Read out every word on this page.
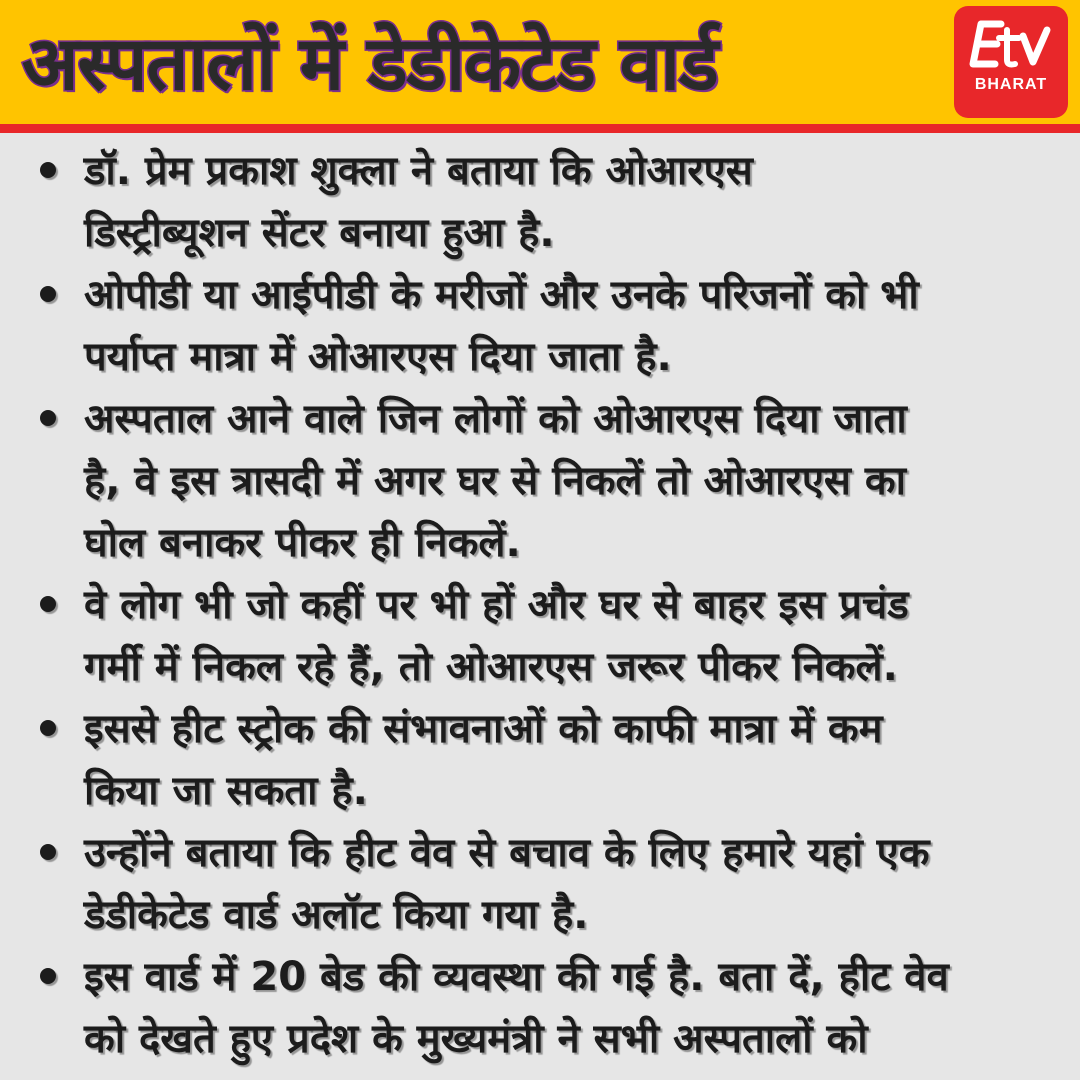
अस्पतालों में डेडीकेटेड वार्ड	BHARAT
डॉ. प्रेम प्रकाश शुक्ला ने बताया कि ओआरएस
डिस्ट्रीब्यूशन सेंटर बनाया हुआ है.
ओपीडी या आईपीडी के मरीजों और उनके परिजनों को भी
पर्याप्त मात्रा में ओआरएस दिया जाता है.
अस्पताल आने वाले जिन लोगों को ओआरएस दिया जाता
है, वे इस त्रासदी में अगर घर से निकलें तो ओआरएस का
घोल बनाकर पीकर ही निकलें.
वे लोग भी जो कहीं पर भी हों और घर से बाहर इस प्रचंड
गर्मी में निकल रहे हैं, तो ओआरएस जरूर पीकर निकलें.
इससे हीट स्ट्रोक की संभावनाओं को काफी मात्रा में कम
किया जा सकता है.
उन्होंने बताया कि हीट वेव से बचाव के लिए हमारे यहां एक
डेडीकेटेड वार्ड अलॉट किया गया है.
इस वार्ड में 20 बेड की व्यवस्था की गई है. बता दें, हीट वेव
को देखते हुए प्रदेश के मुख्यमंत्री ने सभी अस्पतालों को
